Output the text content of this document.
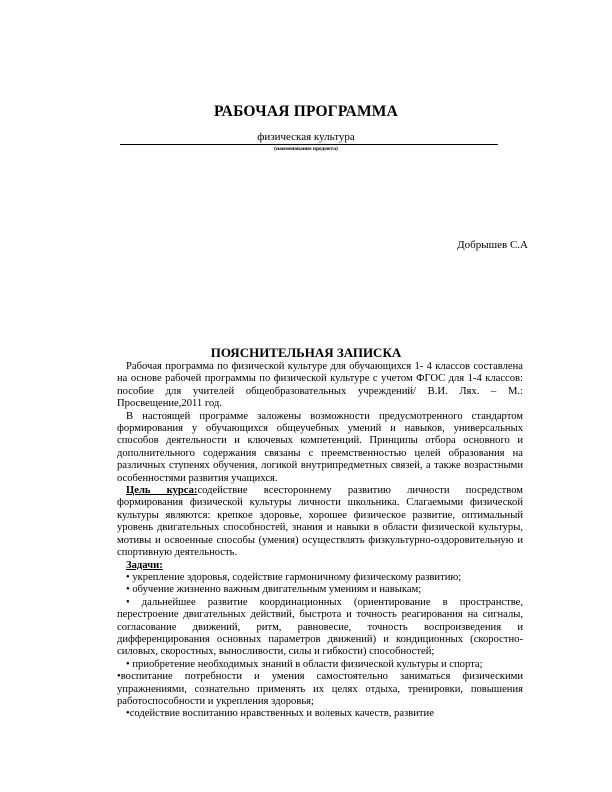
РАБОЧАЯ ПРОГРАММА
физическая культура
(наименование предмета)
Добрышев С.А
ПОЯСНИТЕЛЬНАЯ ЗАПИСКА

Рабочая программа по физической культуре для обучающихся 1- 4 классов составлена на основе рабочей программы по физической культуре с учетом ФГОС для 1-4 классов: пособие для учителей общеобразовательных учреждений/ В.И. Лях. – М.: Просвещение,2011 год.

В настоящей программе заложены возможности предусмотренного стандартом формирования у обучающихся общеучебных умений и навыков, универсальных способов деятельности и ключевых компетенций. Принципы отбора основного и дополнительного содержания связаны с преемственностью целей образования на различных ступенях обучения, логикой внутрипредметных связей, а также возрастными особенностями развития учащихся.

Цель курса:содействие всестороннему развитию личности посредством формирования физической культуры личности школьника. Слагаемыми физической культуры являются: крепкое здоровье, хорошее физическое развитие, оптимальный уровень двигательных способностей, знания и навыки в области физической культуры, мотивы и освоенные способы (умения) осуществлять физкультурно-оздоровительную и спортивную деятельность.

Задачи:

• укрепление здоровья, содействие гармоничному физическому развитию;

• обучение жизненно важным двигательным умениям и навыкам;

• дальнейшее развитие координационных (ориентирование в пространстве, перестроение двигательных действий, быстрота и точность реагирования на сигналы, согласование движений, ритм, равновесие, точность воспроизведения и дифференцирования основных параметров движений) и кондиционных (скоростно-силовых, скоростных, выносливости, силы и гибкости) способностей;

• приобретение необходимых знаний в области физической культуры и спорта;

•воспитание потребности и умения самостоятельно заниматься физическими упражнениями, сознательно применять их целях отдыха, тренировки, повышения работоспособности и укрепления здоровья;

•содействие воспитанию нравственных и волевых качеств, развитие
